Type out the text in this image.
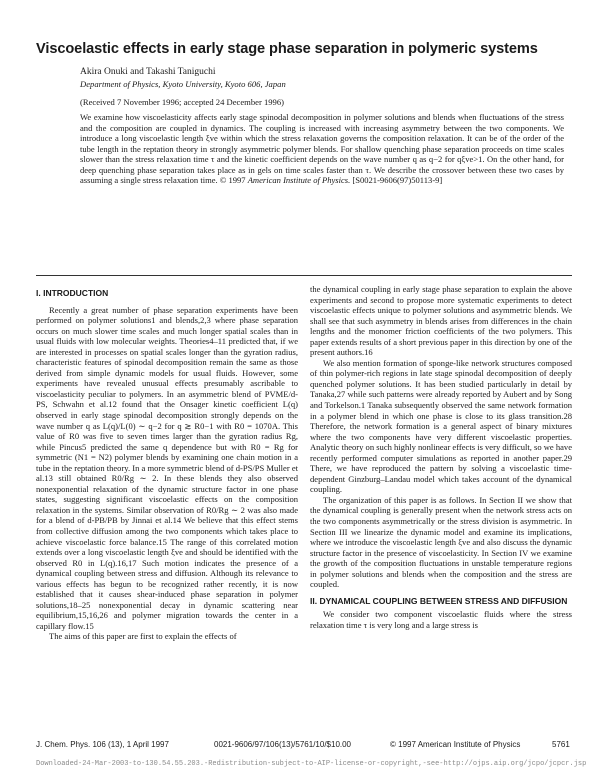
Viscoelastic effects in early stage phase separation in polymeric systems
Akira Onuki and Takashi Taniguchi
Department of Physics, Kyoto University, Kyoto 606, Japan
(Received 7 November 1996; accepted 24 December 1996)

We examine how viscoelasticity affects early stage spinodal decomposition in polymer solutions and blends when fluctuations of the stress and the composition are coupled in dynamics. The coupling is increased with increasing asymmetry between the two components. We introduce a long viscoelastic length ξve within which the stress relaxation governs the composition relaxation. It can be of the order of the tube length in the reptation theory in strongly asymmetric polymer blends. For shallow quenching phase separation proceeds on time scales slower than the stress relaxation time τ and the kinetic coefficient depends on the wave number q as q−2 for qξve>1. On the other hand, for deep quenching phase separation takes place as in gels on time scales faster than τ. We describe the crossover between these two cases by assuming a single stress relaxation time. © 1997 American Institute of Physics. [S0021-9606(97)50113-9]

I. INTRODUCTION

Recently a great number of phase separation experiments have been performed on polymer solutions1 and blends,2,3 where phase separation occurs on much slower time scales and much longer spatial scales than in usual fluids with low molecular weights. Theories4–11 predicted that, if we are interested in processes on spatial scales longer than the gyration radius, characteristic features of spinodal decomposition remain the same as those derived from simple dynamic models for usual fluids. However, some experiments have revealed unusual effects presumably ascribable to viscoelasticity peculiar to polymers. In an asymmetric blend of PVME/d-PS, Schwahn et al.12 found that the Onsager kinetic coefficient L(q) observed in early stage spinodal decomposition strongly depends on the wave number q as L(q)/L(0) ∼ q−2 for q ≳ R0−1 with R0 = 1070A. This value of R0 was five to seven times larger than the gyration radius Rg, while Pincus5 predicted the same q dependence but with R0 = Rg for symmetric (N1 = N2) polymer blends by examining one chain motion in a tube in the reptation theory. In a more symmetric blend of d-PS/PS Muller et al.13 still obtained R0/Rg ∼ 2. In these blends they also observed nonexponential relaxation of the dynamic structure factor in one phase states, suggesting significant viscoelastic effects on the composition relaxation in the systems. Similar observation of R0/Rg ∼ 2 was also made for a blend of d-PB/PB by Jinnai et al.14 We believe that this effect stems from collective diffusion among the two components which takes place to achieve viscoelastic force balance.15 The range of this correlated motion extends over a long viscoelastic length ξve and should be identified with the observed R0 in L(q).16,17 Such motion indicates the presence of a dynamical coupling between stress and diffusion. Although its relevance to various effects has begun to be recognized rather recently, it is now established that it causes shear-induced phase separation in polymer solutions,18–25 nonexponential decay in dynamic scattering near equilibrium,15,16,26 and polymer migration towards the center in a capillary flow.15

The aims of this paper are first to explain the effects of

the dynamical coupling in early stage phase separation to explain the above experiments and second to propose more systematic experiments to detect viscoelastic effects unique to polymer solutions and asymmetric blends. We shall see that such asymmetry in blends arises from differences in the chain lengths and the monomer friction coefficients of the two polymers. This paper extends results of a short previous paper in this direction by one of the present authors.16

We also mention formation of sponge-like network structures composed of thin polymer-rich regions in late stage spinodal decomposition of deeply quenched polymer solutions. It has been studied particularly in detail by Tanaka,27 while such patterns were already reported by Aubert and by Song and Torkelson.1 Tanaka subsequently observed the same network formation in a polymer blend in which one phase is close to its glass transition.28 Therefore, the network formation is a general aspect of binary mixtures where the two components have very different viscoelastic properties. Analytic theory on such highly nonlinear effects is very difficult, so we have recently performed computer simulations as reported in another paper.29 There, we have reproduced the pattern by solving a viscoelastic time-dependent Ginzburg–Landau model which takes account of the dynamical coupling.

The organization of this paper is as follows. In Section II we show that the dynamical coupling is generally present when the network stress acts on the two components asymmetrically or the stress division is asymmetric. In Section III we linearize the dynamic model and examine its implications, where we introduce the viscoelastic length ξve and also discuss the dynamic structure factor in the presence of viscoelasticity. In Section IV we examine the growth of the composition fluctuations in unstable temperature regions in polymer solutions and blends when the composition and the stress are coupled.

II. DYNAMICAL COUPLING BETWEEN STRESS AND DIFFUSION

We consider two component viscoelastic fluids where the stress relaxation time τ is very long and a large stress is

J. Chem. Phys. 106 (13), 1 April 1997	0021-9606/97/106(13)/5761/10/$10.00	© 1997 American Institute of Physics	5761
Downloaded-24-Mar-2003-to-130.54.55.203.-Redistribution-subject-to-AIP-license-or-copyright,-see-http://ojps.aip.org/jcpo/jcpcr.jsp
